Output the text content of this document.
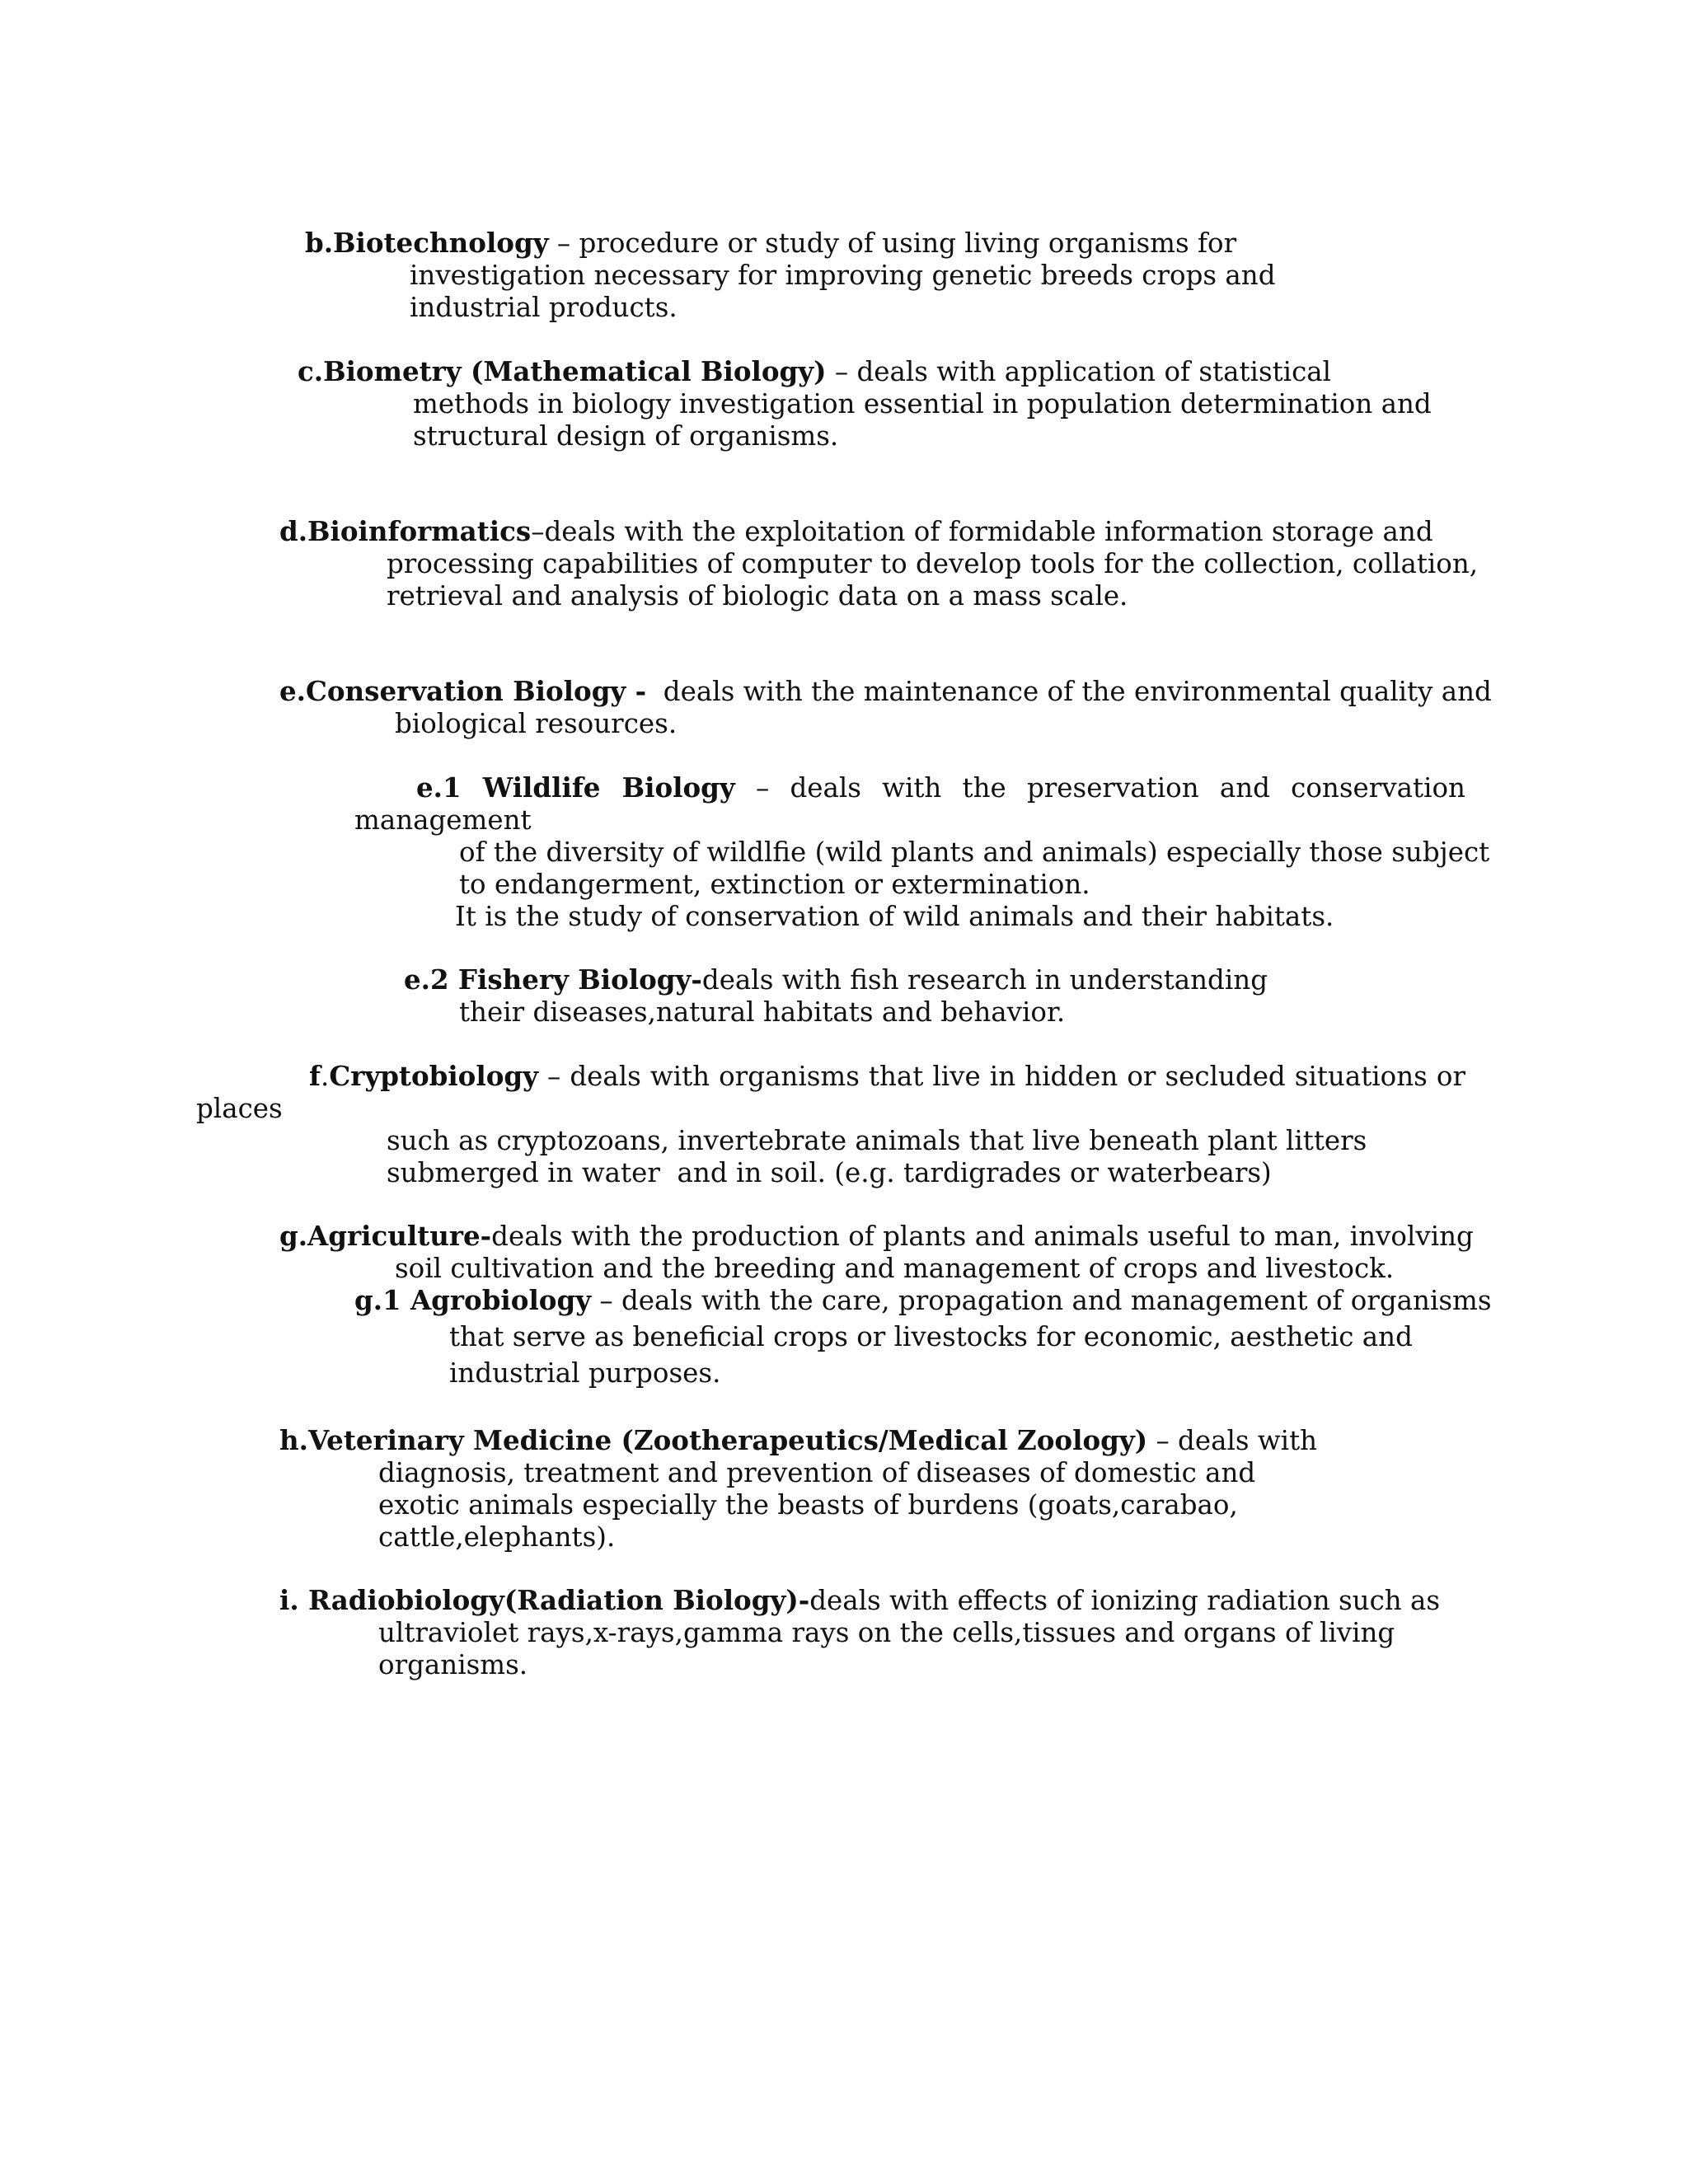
b.Biotechnology – procedure or study of using living organisms for
investigation necessary for improving genetic breeds crops and
industrial products.
c.Biometry (Mathematical Biology) – deals with application of statistical
methods in biology investigation essential in population determination and
structural design of organisms.
d.Bioinformatics–deals with the exploitation of formidable information storage and
processing capabilities of computer to develop tools for the collection, collation,
retrieval and analysis of biologic data on a mass scale.
e.Conservation Biology -  deals with the maintenance of the environmental quality and
biological resources.
e.1 Wildlife Biology – deals with the preservation and conservation
management
of the diversity of wildlfie (wild plants and animals) especially those subject
to endangerment, extinction or extermination.
It is the study of conservation of wild animals and their habitats.
e.2 Fishery Biology-deals with fish research in understanding
their diseases,natural habitats and behavior.
f.Cryptobiology – deals with organisms that live in hidden or secluded situations or
places
such as cryptozoans, invertebrate animals that live beneath plant litters
submerged in water  and in soil. (e.g. tardigrades or waterbears)
g.Agriculture-deals with the production of plants and animals useful to man, involving
soil cultivation and the breeding and management of crops and livestock.
g.1 Agrobiology – deals with the care, propagation and management of organisms
that serve as beneficial crops or livestocks for economic, aesthetic and
industrial purposes.
h.Veterinary Medicine (Zootherapeutics/Medical Zoology) – deals with
diagnosis, treatment and prevention of diseases of domestic and
exotic animals especially the beasts of burdens (goats,carabao,
cattle,elephants).
i. Radiobiology(Radiation Biology)-deals with effects of ionizing radiation such as
ultraviolet rays,x-rays,gamma rays on the cells,tissues and organs of living
organisms.
